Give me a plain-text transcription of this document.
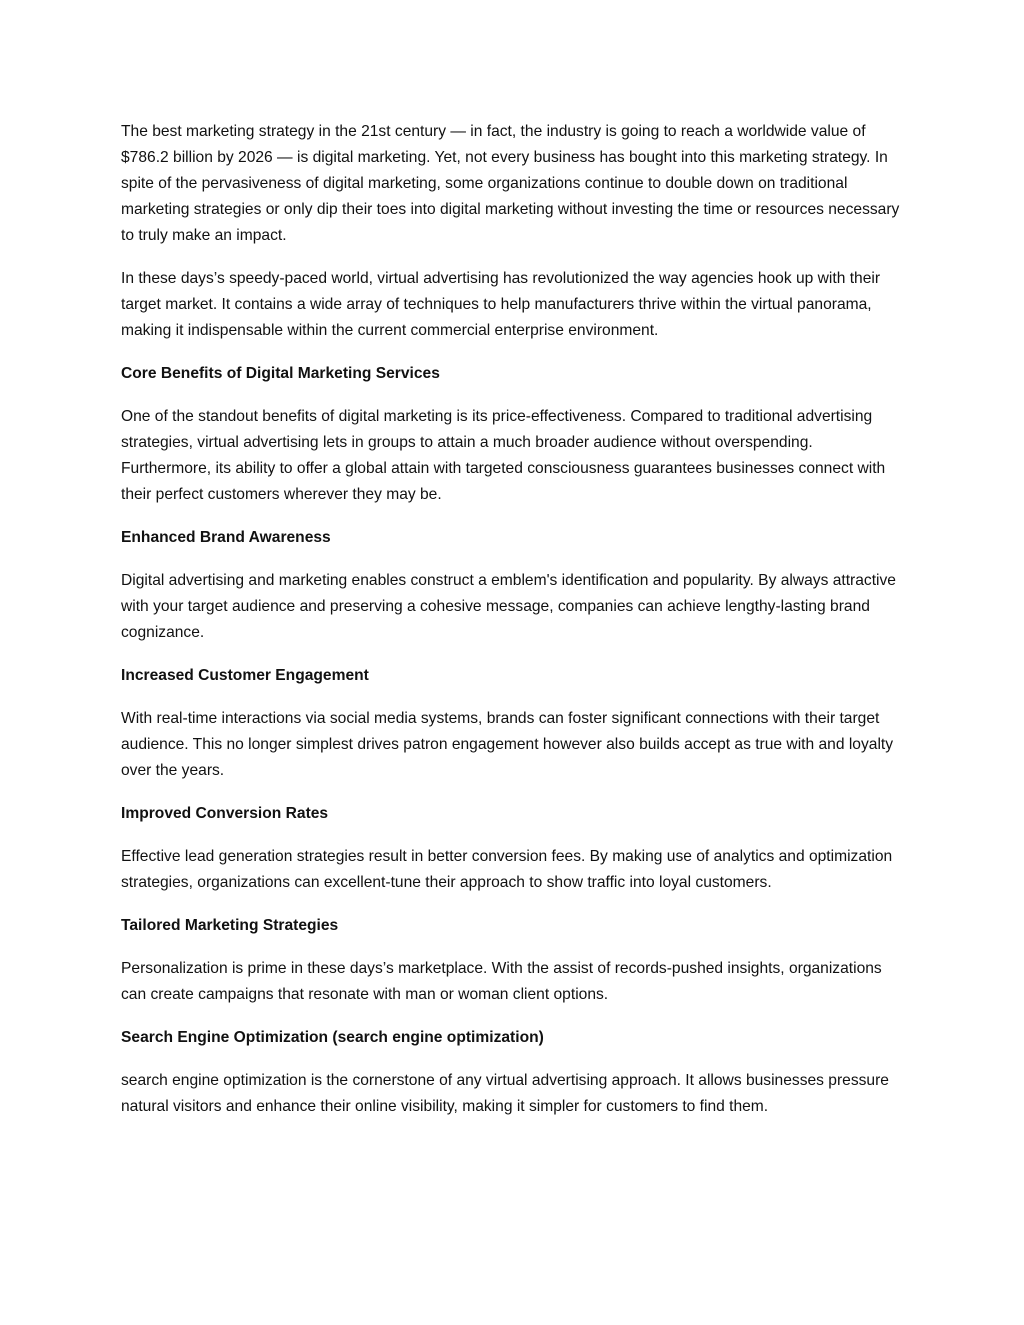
The best marketing strategy in the 21st century — in fact, the industry is going to reach a worldwide value of $786.2 billion by 2026 — is digital marketing. Yet, not every business has bought into this marketing strategy. In spite of the pervasiveness of digital marketing, some organizations continue to double down on traditional marketing strategies or only dip their toes into digital marketing without investing the time or resources necessary to truly make an impact.

In these days’s speedy-paced world, virtual advertising has revolutionized the way agencies hook up with their target market. It contains a wide array of techniques to help manufacturers thrive within the virtual panorama, making it indispensable within the current commercial enterprise environment.

Core Benefits of Digital Marketing Services

One of the standout benefits of digital marketing is its price-effectiveness. Compared to traditional advertising strategies, virtual advertising lets in groups to attain a much broader audience without overspending. Furthermore, its ability to offer a global attain with targeted consciousness guarantees businesses connect with their perfect customers wherever they may be.

Enhanced Brand Awareness

Digital advertising and marketing enables construct a emblem's identification and popularity. By always attractive with your target audience and preserving a cohesive message, companies can achieve lengthy-lasting brand cognizance.

Increased Customer Engagement

With real-time interactions via social media systems, brands can foster significant connections with their target audience. This no longer simplest drives patron engagement however also builds accept as true with and loyalty over the years.

Improved Conversion Rates

Effective lead generation strategies result in better conversion fees. By making use of analytics and optimization strategies, organizations can excellent-tune their approach to show traffic into loyal customers.

Tailored Marketing Strategies

Personalization is prime in these days’s marketplace. With the assist of records-pushed insights, organizations can create campaigns that resonate with man or woman client options.

Search Engine Optimization (search engine optimization)

search engine optimization is the cornerstone of any virtual advertising approach. It allows businesses pressure natural visitors and enhance their online visibility, making it simpler for customers to find them.
